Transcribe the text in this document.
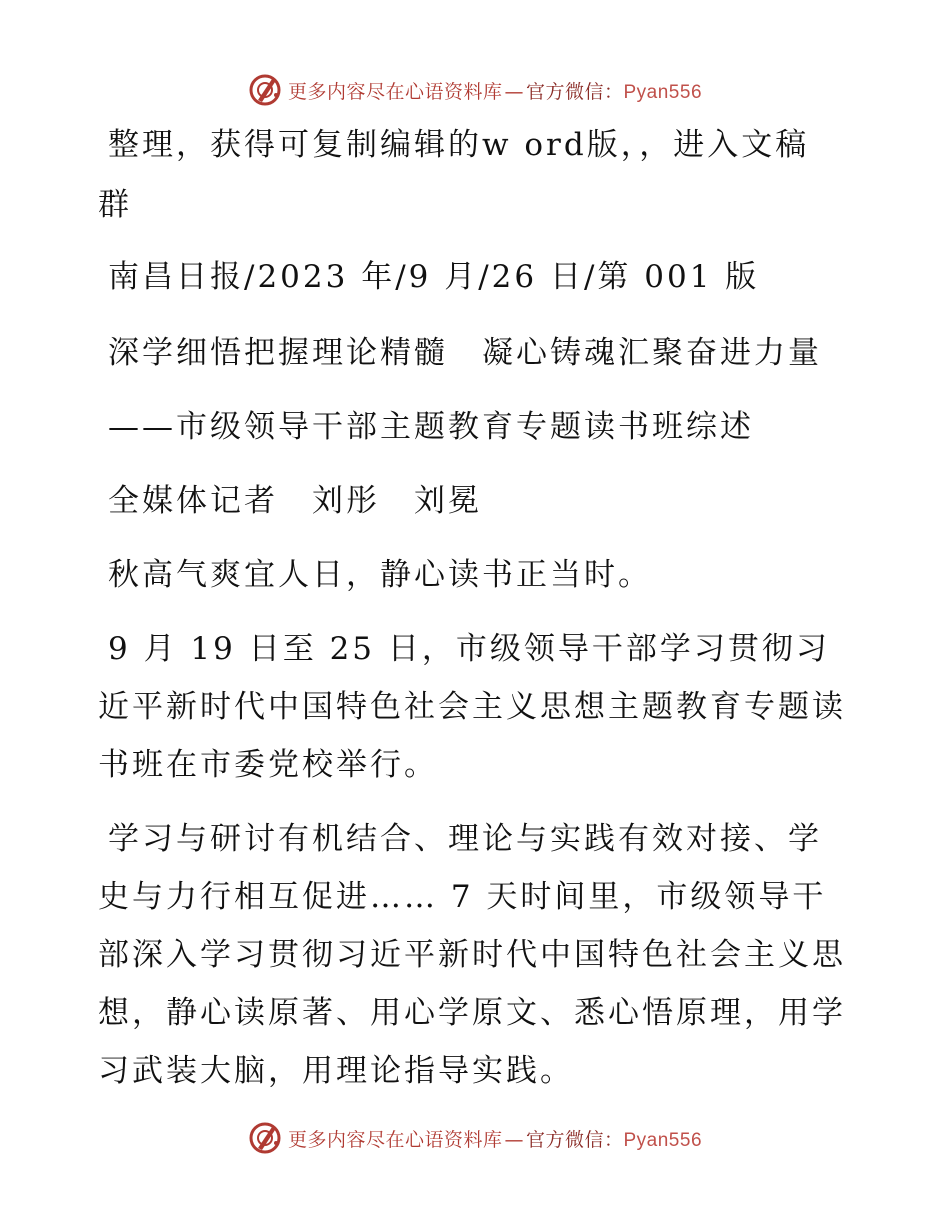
更多内容尽在心语资料库 — 官方微信：Pyan556
整理，获得可复制编辑的w ord版，，进入文稿
群
南昌日报/2023 年/9 月/26 日/第 001 版
深学细悟把握理论精髓　凝心铸魂汇聚奋进力量
——市级领导干部主题教育专题读书班综述
全媒体记者　刘彤　刘冕
秋高气爽宜人日，静心读书正当时。
9 月 19 日至 25 日，市级领导干部学习贯彻习
近平新时代中国特色社会主义思想主题教育专题读
书班在市委党校举行。
学习与研讨有机结合、理论与实践有效对接、学
史与力行相互促进…… 7 天时间里，市级领导干
部深入学习贯彻习近平新时代中国特色社会主义思
想，静心读原著、用心学原文、悉心悟原理，用学
习武装大脑，用理论指导实践。
更多内容尽在心语资料库 — 官方微信：Pyan556
